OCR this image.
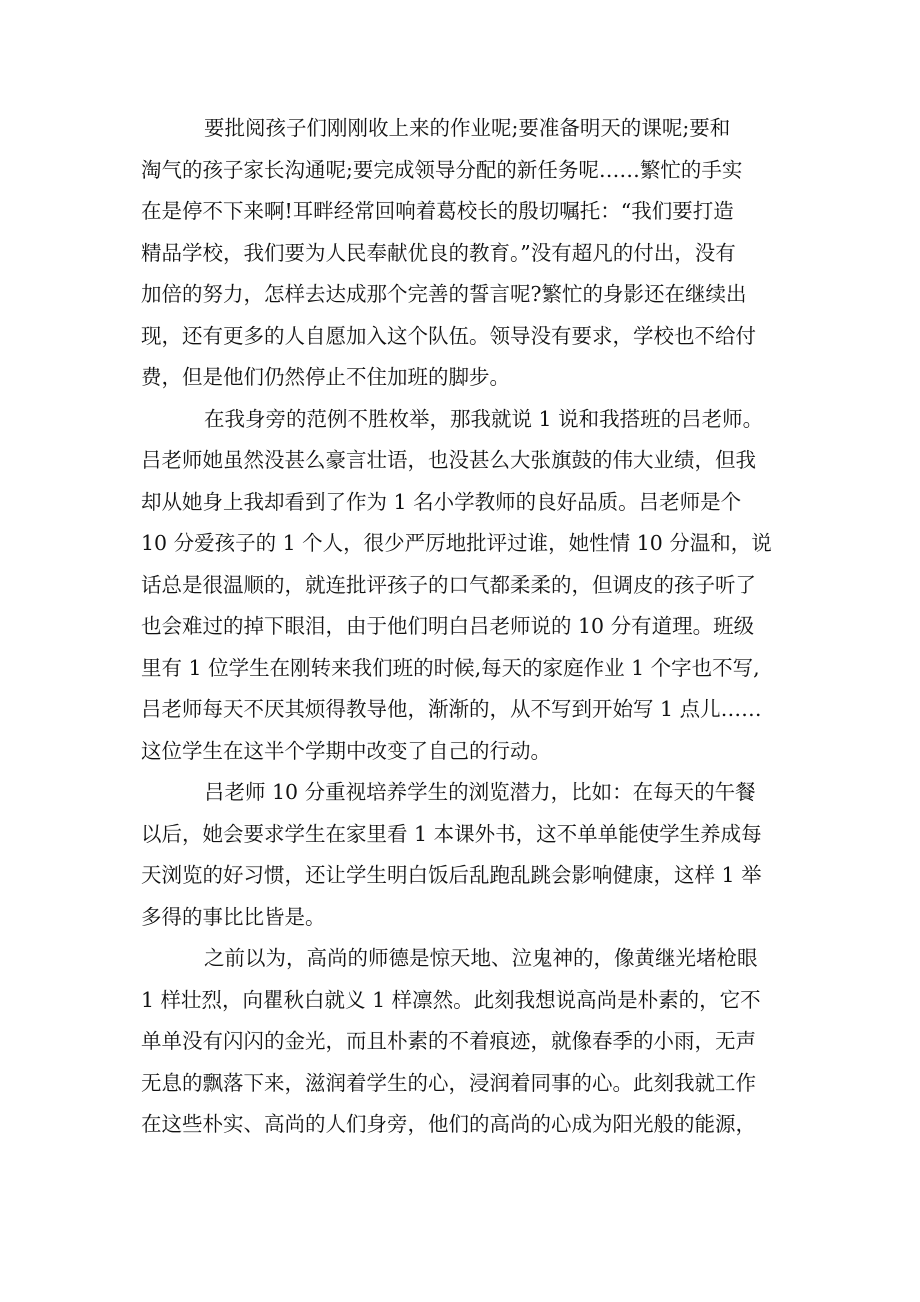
要批阅孩子们刚刚收上来的作业呢;要准备明天的课呢;要和
淘气的孩子家长沟通呢;要完成领导分配的新任务呢……繁忙的手实
在是停不下来啊!耳畔经常回响着葛校长的殷切嘱托：“我们要打造
精品学校，我们要为人民奉献优良的教育。”没有超凡的付出，没有
加倍的努力，怎样去达成那个完善的誓言呢?繁忙的身影还在继续出
现，还有更多的人自愿加入这个队伍。领导没有要求，学校也不给付
费，但是他们仍然停止不住加班的脚步。
在我身旁的范例不胜枚举，那我就说 1 说和我搭班的吕老师。
吕老师她虽然没甚么豪言壮语，也没甚么大张旗鼓的伟大业绩，但我
却从她身上我却看到了作为 1 名小学教师的良好品质。吕老师是个
10 分爱孩子的 1 个人，很少严厉地批评过谁，她性情 10 分温和，说
话总是很温顺的，就连批评孩子的口气都柔柔的，但调皮的孩子听了
也会难过的掉下眼泪，由于他们明白吕老师说的 10 分有道理。班级
里有 1 位学生在刚转来我们班的时候,每天的家庭作业 1 个字也不写,
吕老师每天不厌其烦得教导他，渐渐的，从不写到开始写 1 点儿……
这位学生在这半个学期中改变了自己的行动。
吕老师 10 分重视培养学生的浏览潜力，比如：在每天的午餐
以后，她会要求学生在家里看 1 本课外书，这不单单能使学生养成每
天浏览的好习惯，还让学生明白饭后乱跑乱跳会影响健康，这样 1 举
多得的事比比皆是。
之前以为，高尚的师德是惊天地、泣鬼神的，像黄继光堵枪眼
1 样壮烈，向瞿秋白就义 1 样凛然。此刻我想说高尚是朴素的，它不
单单没有闪闪的金光，而且朴素的不着痕迹，就像春季的小雨，无声
无息的飘落下来，滋润着学生的心，浸润着同事的心。此刻我就工作
在这些朴实、高尚的人们身旁，他们的高尚的心成为阳光般的能源，
